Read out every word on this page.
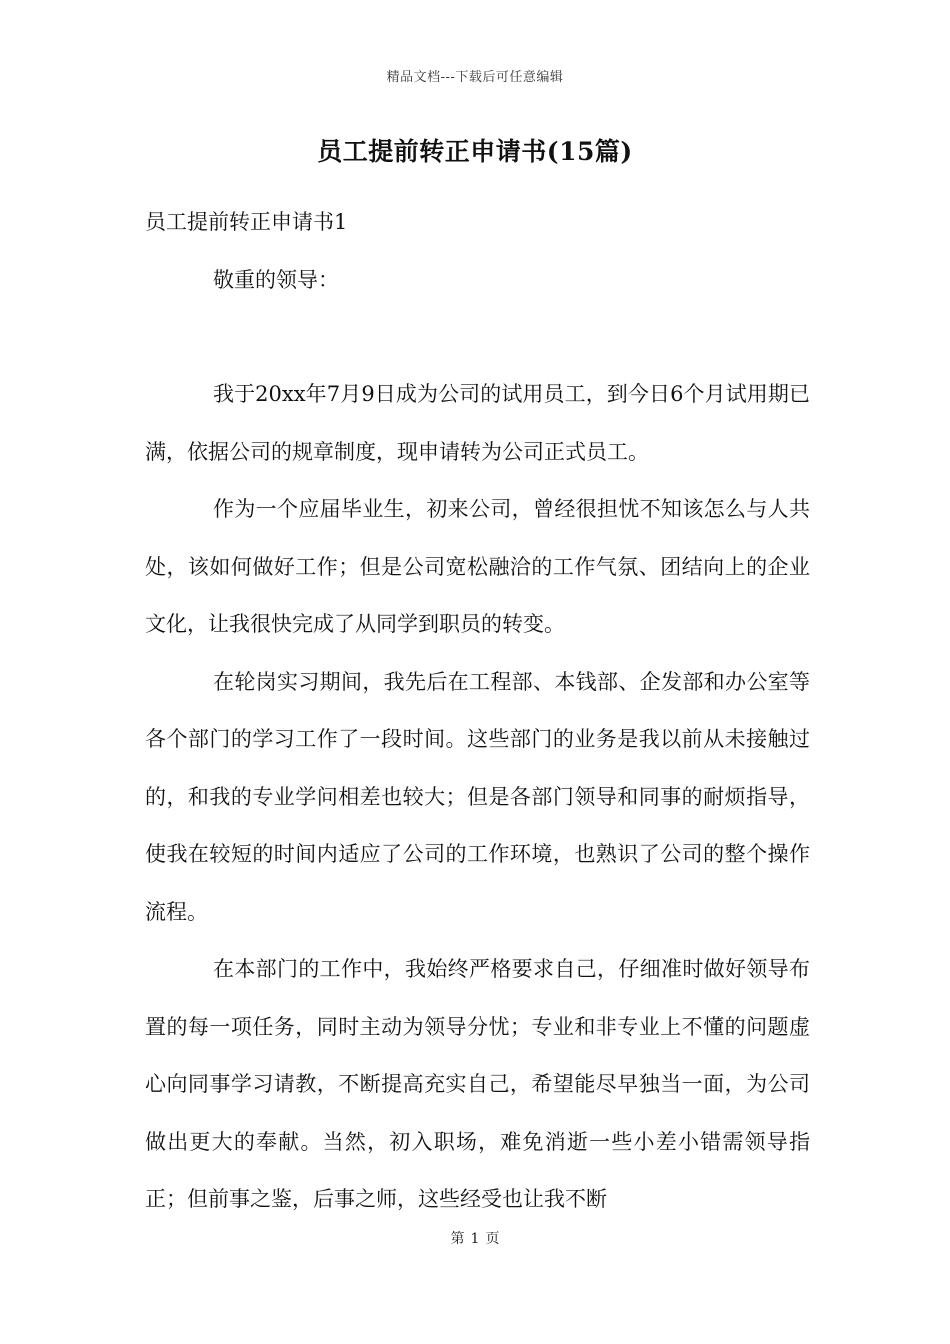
精品文档---下载后可任意编辑
员工提前转正申请书(15篇)
员工提前转正申请书1
敬重的领导：

我于20xx年7月9日成为公司的试用员工，到今日6个月试用期已满，依据公司的规章制度，现申请转为公司正式员工。

作为一个应届毕业生，初来公司，曾经很担忧不知该怎么与人共处，该如何做好工作；但是公司宽松融洽的工作气氛、团结向上的企业文化，让我很快完成了从同学到职员的转变。

在轮岗实习期间，我先后在工程部、本钱部、企发部和办公室等各个部门的学习工作了一段时间。这些部门的业务是我以前从未接触过的，和我的专业学问相差也较大；但是各部门领导和同事的耐烦指导，使我在较短的时间内适应了公司的工作环境，也熟识了公司的整个操作流程。

在本部门的工作中，我始终严格要求自己，仔细准时做好领导布置的每一项任务，同时主动为领导分忧；专业和非专业上不懂的问题虚心向同事学习请教，不断提高充实自己，希望能尽早独当一面，为公司做出更大的奉献。当然，初入职场，难免消逝一些小差小错需领导指正；但前事之鉴，后事之师，这些经受也让我不断

第 1 页
